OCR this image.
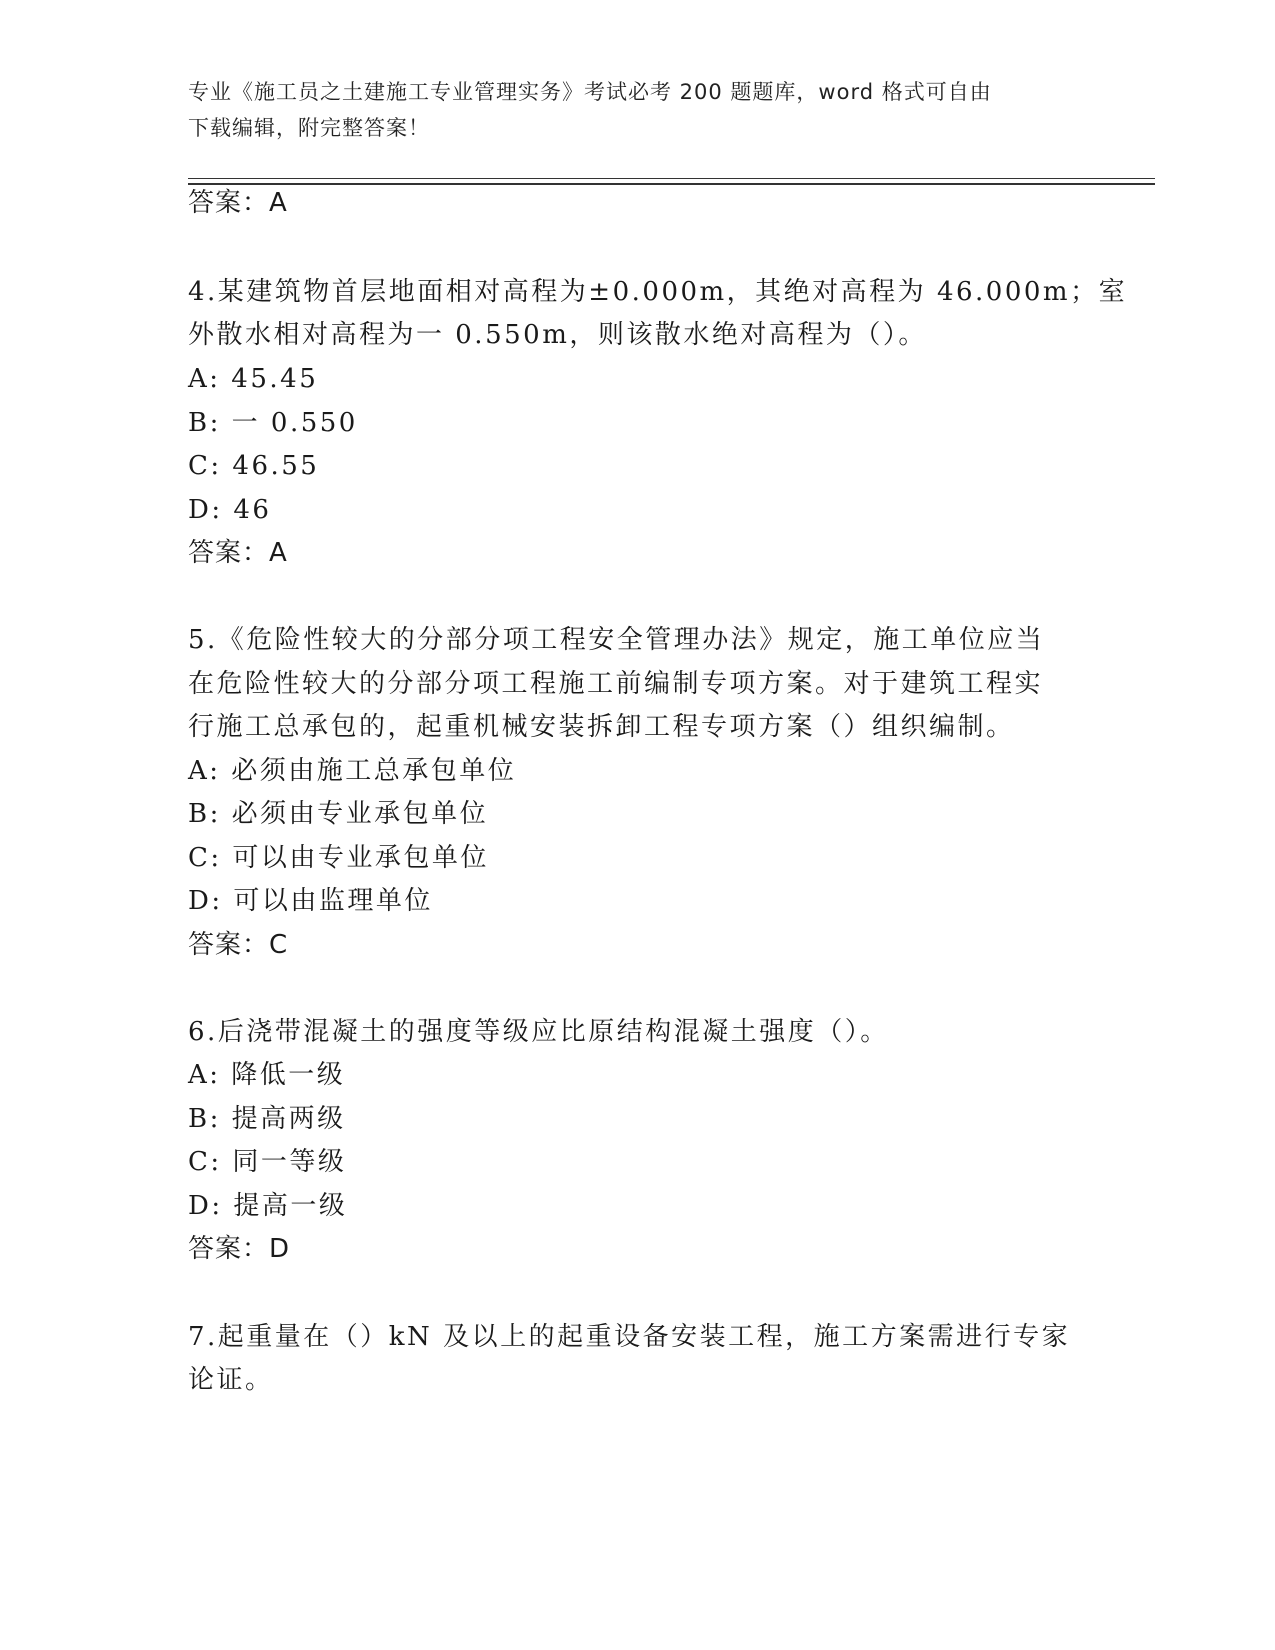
专业《施工员之土建施工专业管理实务》考试必考 200 题题库，word 格式可自由
下载编辑，附完整答案！
答案：A
4.某建筑物首层地面相对高程为±0.000m，其绝对高程为 46.000m；室
外散水相对高程为一 0.550m，则该散水绝对高程为（）。
A: 45.45
B: 一 0.550
C: 46.55
D: 46
答案：A
5.《危险性较大的分部分项工程安全管理办法》规定，施工单位应当
在危险性较大的分部分项工程施工前编制专项方案。对于建筑工程实
行施工总承包的，起重机械安装拆卸工程专项方案（）组织编制。
A: 必须由施工总承包单位
B: 必须由专业承包单位
C: 可以由专业承包单位
D: 可以由监理单位
答案：C
6.后浇带混凝土的强度等级应比原结构混凝土强度（）。
A: 降低一级
B: 提高两级
C: 同一等级
D: 提高一级
答案：D
7.起重量在（）kN 及以上的起重设备安装工程，施工方案需进行专家
论证。
